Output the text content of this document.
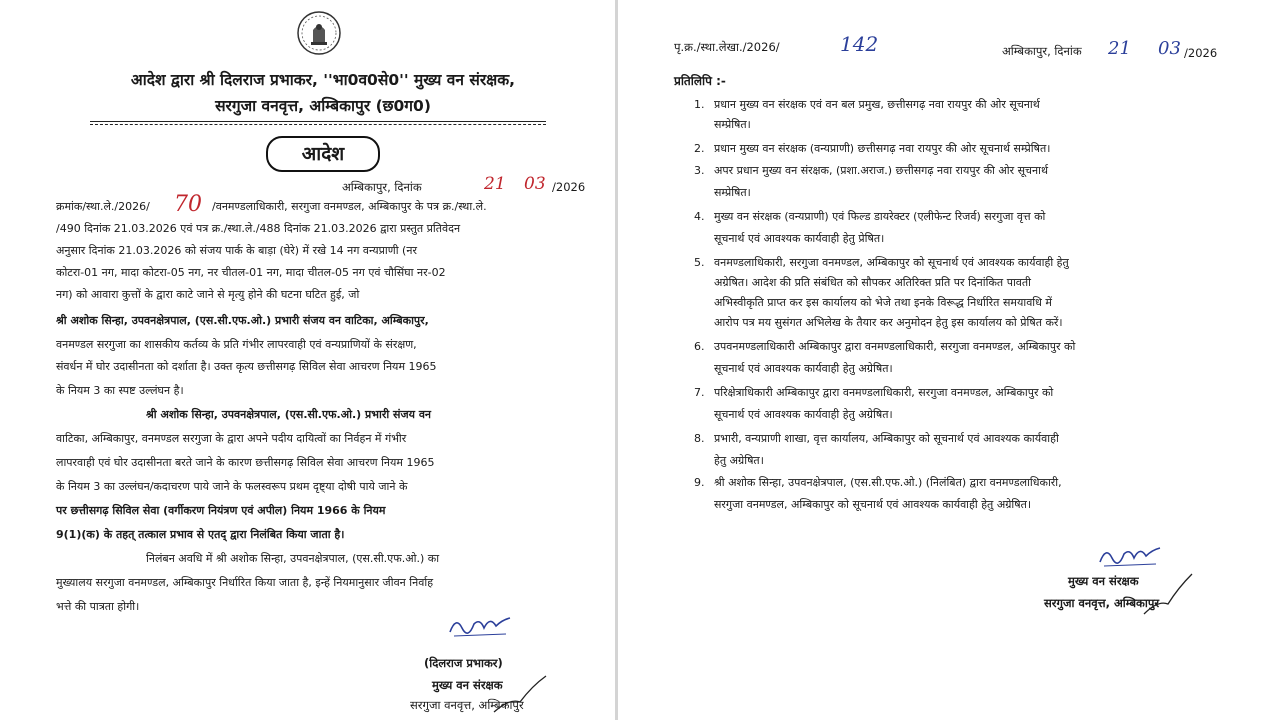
आदेश द्वारा श्री दिलराज प्रभाकर, ''भा0व0से0'' मुख्य वन संरक्षक,
सरगुजा वनवृत्त, अम्बिकापुर (छ0ग0)
आदेश
अम्बिकापुर, दिनांक	21 03 /2026
क्रमांक/स्था.ले./2026/ 70 /वनमण्डलाधिकारी, सरगुजा वनमण्डल, अम्बिकापुर के पत्र क्र./स्था.ले.
/490 दिनांक 21.03.2026 एवं पत्र क्र./स्था.ले./488 दिनांक 21.03.2026 द्वारा प्रस्तुत प्रतिवेदन
अनुसार दिनांक 21.03.2026 को संजय पार्क के बाड़ा (घेरे) में रखे 14 नग वन्यप्राणी (नर
कोटरा-01 नग, मादा कोटरा-05 नग, नर चीतल-01 नग, मादा चीतल-05 नग एवं चौसिंघा नर-02
नग) को आवारा कुत्तों के द्वारा काटे जाने से मृत्यु होने की घटना घटित हुई, जो
श्री अशोक सिन्हा, उपवनक्षेत्रपाल, (एस.सी.एफ.ओ.) प्रभारी संजय वन वाटिका, अम्बिकापुर,
वनमण्डल सरगुजा का शासकीय कर्तव्य के प्रति गंभीर लापरवाही एवं वन्यप्राणियों के संरक्षण,
संवर्धन में घोर उदासीनता को दर्शाता है। उक्त कृत्य छत्तीसगढ़ सिविल सेवा आचरण नियम 1965
के नियम 3 का स्पष्ट उल्लंघन है।
श्री अशोक सिन्हा, उपवनक्षेत्रपाल, (एस.सी.एफ.ओ.) प्रभारी संजय वन
वाटिका, अम्बिकापुर, वनमण्डल सरगुजा के द्वारा अपने पदीय दायित्वों का निर्वहन में गंभीर
लापरवाही एवं घोर उदासीनता बरते जाने के कारण छत्तीसगढ़ सिविल सेवा आचरण नियम 1965
के नियम 3 का उल्लंघन/कदाचरण पाये जाने के फलस्वरूप प्रथम दृष्ट्या दोषी पाये जाने के
पर छत्तीसगढ़ सिविल सेवा (वर्गीकरण नियंत्रण एवं अपील) नियम 1966 के नियम
9(1)(क) के तहत् तत्काल प्रभाव से एतद् द्वारा निलंबित किया जाता है।
निलंबन अवधि में श्री अशोक सिन्हा, उपवनक्षेत्रपाल, (एस.सी.एफ.ओ.) का
मुख्यालय सरगुजा वनमण्डल, अम्बिकापुर निर्धारित किया जाता है, इन्हें नियमानुसार जीवन निर्वाह
भत्ते की पात्रता होगी।
(दिलराज प्रभाकर)
मुख्य वन संरक्षक
सरगुजा वनवृत्त, अम्बिकापुर
पृ.क्र./स्था.लेखा./2026/	142	अम्बिकापुर, दिनांक 21 03 /2026
प्रतिलिपि :-
1. प्रधान मुख्य वन संरक्षक एवं वन बल प्रमुख, छत्तीसगढ़ नवा रायपुर की ओर सूचनार्थ
सम्प्रेषित।
2. प्रधान मुख्य वन संरक्षक (वन्यप्राणी) छत्तीसगढ़ नवा रायपुर की ओर सूचनार्थ सम्प्रेषित।
3. अपर प्रधान मुख्य वन संरक्षक, (प्रशा.अराज.) छत्तीसगढ़ नवा रायपुर की ओर सूचनार्थ
सम्प्रेषित।
4. मुख्य वन संरक्षक (वन्यप्राणी) एवं फिल्ड डायरेक्टर (एलीफेन्ट रिजर्व) सरगुजा वृत्त को
सूचनार्थ एवं आवश्यक कार्यवाही हेतु प्रेषित।
5. वनमण्डलाधिकारी, सरगुजा वनमण्डल, अम्बिकापुर को सूचनार्थ एवं आवश्यक कार्यवाही हेतु
अग्रेषित। आदेश की प्रति संबंधित को सौपकर अतिरिक्त प्रति पर दिनांकित पावती
अभिस्वीकृति प्राप्त कर इस कार्यालय को भेजे तथा इनके विरूद्ध निर्धारित समयावधि में
आरोप पत्र मय सुसंगत अभिलेख के तैयार कर अनुमोदन हेतु इस कार्यालय को प्रेषित करें।
6. उपवनमण्डलाधिकारी अम्बिकापुर द्वारा वनमण्डलाधिकारी, सरगुजा वनमण्डल, अम्बिकापुर को
सूचनार्थ एवं आवश्यक कार्यवाही हेतु अग्रेषित।
7. परिक्षेत्राधिकारी अम्बिकापुर द्वारा वनमण्डलाधिकारी, सरगुजा वनमण्डल, अम्बिकापुर को
सूचनार्थ एवं आवश्यक कार्यवाही हेतु अग्रेषित।
8. प्रभारी, वन्यप्राणी शाखा, वृत्त कार्यालय, अम्बिकापुर को सूचनार्थ एवं आवश्यक कार्यवाही
हेतु अग्रेषित।
9. श्री अशोक सिन्हा, उपवनक्षेत्रपाल, (एस.सी.एफ.ओ.) (निलंबित) द्वारा वनमण्डलाधिकारी,
सरगुजा वनमण्डल, अम्बिकापुर को सूचनार्थ एवं आवश्यक कार्यवाही हेतु अग्रेषित।
मुख्य वन संरक्षक
सरगुजा वनवृत्त, अम्बिकापुर
